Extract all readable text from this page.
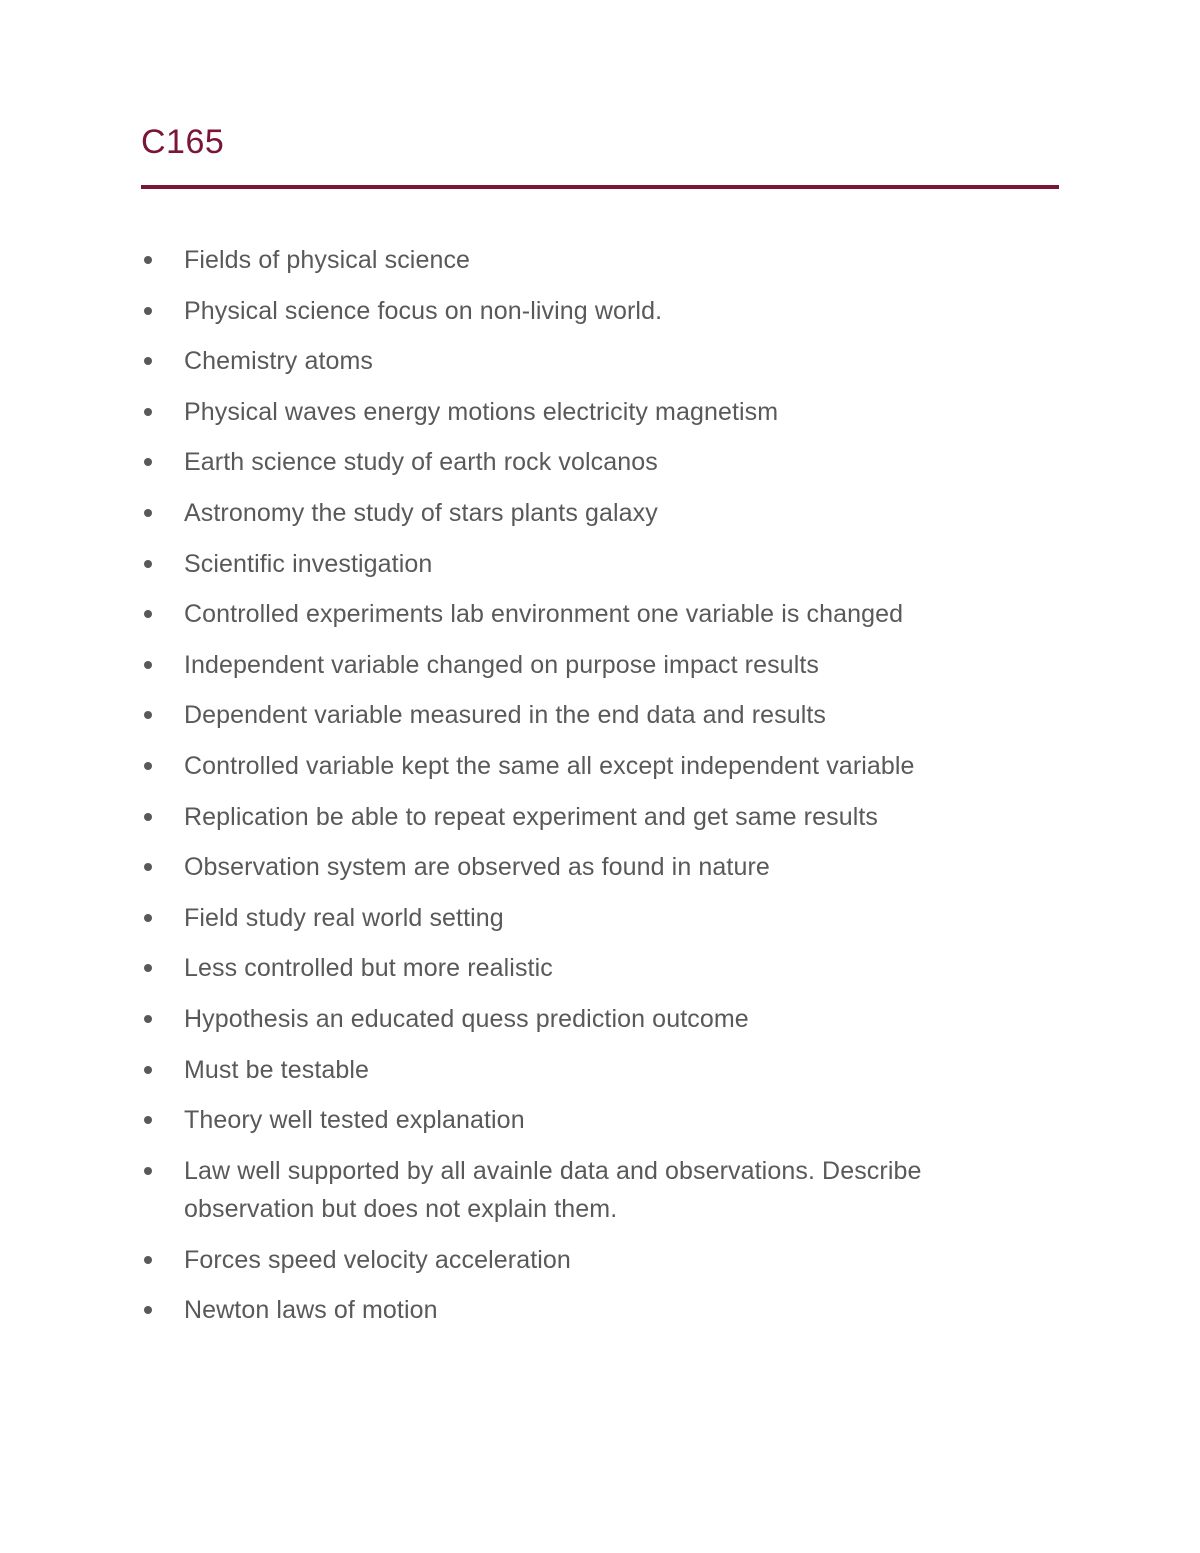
C165
Fields of physical science
Physical science focus on non-living world.
Chemistry atoms
Physical waves energy motions electricity magnetism
Earth science study of earth rock volcanos
Astronomy the study of stars plants galaxy
Scientific investigation
Controlled experiments lab environment one variable is changed
Independent variable changed on purpose impact results
Dependent variable measured in the end data and results
Controlled variable kept the same all except independent variable
Replication be able to repeat experiment and get same results
Observation system are observed as found in nature
Field study real world setting
Less controlled but more realistic
Hypothesis an educated quess prediction outcome
Must be testable
Theory well tested explanation
Law well supported by all avainle data and observations. Describe observation but does not explain them.
Forces speed velocity acceleration
Newton laws of motion
